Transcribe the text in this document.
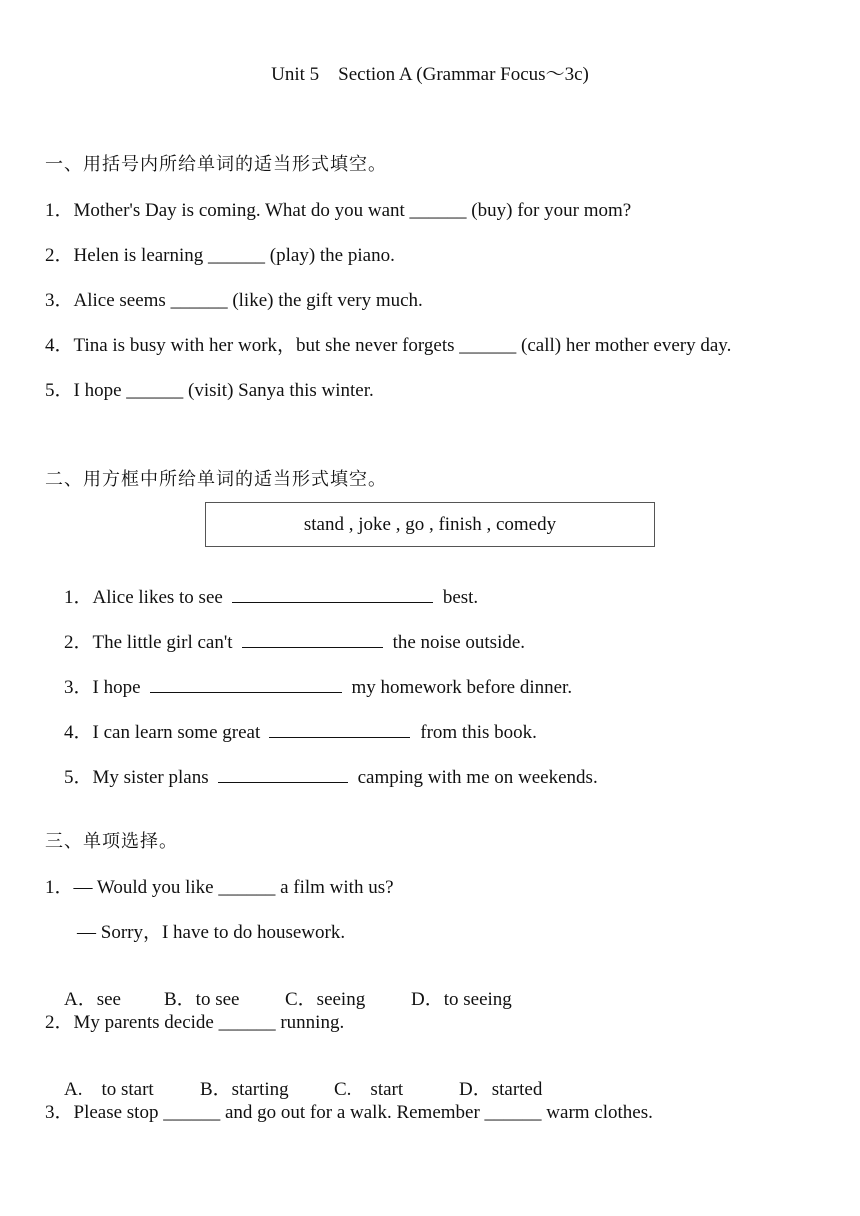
Unit 5    Section A (Grammar Focus～3c)
一、用括号内所给单词的适当形式填空。
1．Mother's Day is coming. What do you want ______ (buy) for your mom?
2．Helen is learning ______ (play) the piano.
3．Alice seems ______ (like) the gift very much.
4．Tina is busy with her work，but she never forgets ______ (call) her mother every day.
5．I hope ______ (visit) Sanya this winter.
二、用方框中所给单词的适当形式填空。
stand , joke , go , finish , comedy

1．Alice likes to see	best.

2．The little girl can't	the noise outside.

3．I hope	my homework before dinner.

4．I can learn some great	from this book.

5．My sister plans	camping with me on weekends.

三、单项选择。
1．— Would you like ______ a film with us?
— Sorry，I have to do housework.

A．see B．to see C．seeing D．to seeing

2．My parents decide ______ running.

A.    to start B．starting C.    start	D．started

3．Please stop ______ and go out for a walk. Remember ______ warm clothes.
